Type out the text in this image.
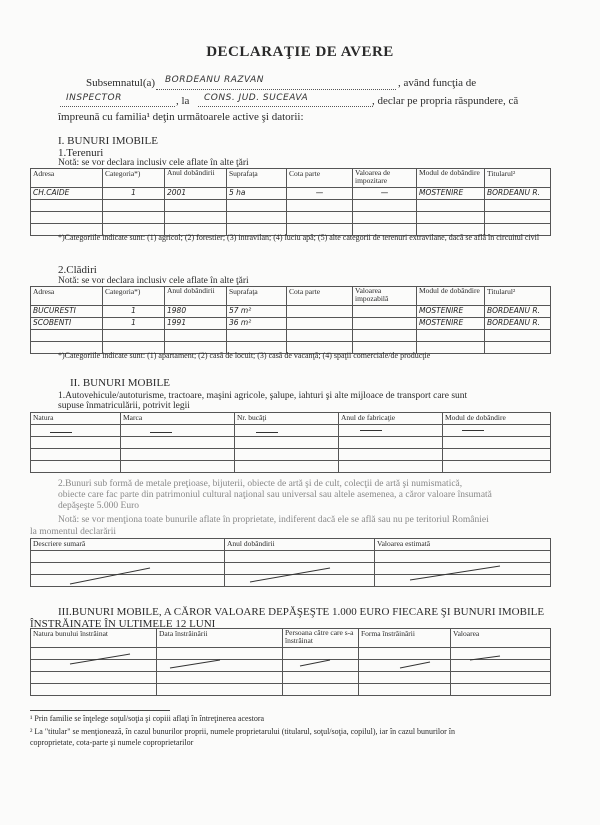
DECLARAŢIE DE AVERE
Subsemnatul(a) BORDEANU RAZVAN	, având funcţia de
INSPECTOR	, la CONS. JUD. SUCEAVA	, declar pe propria răspundere, că
împreună cu familia¹ deţin următoarele active şi datorii:
I. BUNURI IMOBILE
1.Terenuri
Notă: se vor declara inclusiv cele aflate în alte ţări
Adresa	Categoria*)	Anul dobândirii	Suprafaţa	Cota parte	Valoarea de impozitare	Modul de dobândire	Titularul²
CH.CAIDE	1	2001	5 ha	—	—	MOSTENIRE	BORDEANU R.

*)Categoriile indicate sunt: (1) agricol; (2) forestier; (3) intravilan; (4) luciu apă; (5) alte categorii de terenuri extravilane, dacă se află în circuitul civil
2.Clădiri
Notă: se vor declara inclusiv cele aflate în alte ţări
Adresa	Categoria*)	Anul dobândirii	Suprafaţa	Cota parte	Valoarea impozabilă	Modul de dobândire	Titularul²
BUCURESTI	1	1980	57 m²			MOSTENIRE	BORDEANU R.
SCOBENTI	1	1991	36 m²			MOSTENIRE	BORDEANU R.

*)Categoriile indicate sunt: (1) apartament; (2) casă de locuit; (3) casă de vacanţă; (4) spaţii comerciale/de producţie
II. BUNURI MOBILE
1.Autovehicule/autoturisme, tractoare, maşini agricole, şalupe, iahturi şi alte mijloace de transport care sunt
supuse înmatriculării, potrivit legii
Natura	Marca	Nr. bucăţi	Anul de fabricaţie	Modul de dobândire

2.Bunuri sub formă de metale preţioase, bijuterii, obiecte de artă şi de cult, colecţii de artă şi numismatică,
obiecte care fac parte din patrimoniul cultural naţional sau universal sau altele asemenea, a căror valoare însumată
depăşeşte 5.000 Euro
Notă: se vor menţiona toate bunurile aflate în proprietate, indiferent dacă ele se află sau nu pe teritoriul României
la momentul declarării
Descriere sumară	Anul dobândirii	Valoarea estimată

III.BUNURI MOBILE, A CĂROR VALOARE DEPĂŞEŞTE 1.000 EURO FIECARE ŞI BUNURI IMOBILE
ÎNSTRĂINATE ÎN ULTIMELE 12 LUNI
Natura bunului înstrăinat	Data înstrăinării	Persoana către care s-a înstrăinat	Forma înstrăinării	Valoarea

¹ Prin familie se înţelege soţul/soţia şi copiii aflaţi în întreţinerea acestora
² La "titular" se menţionează, în cazul bunurilor proprii, numele proprietarului (titularul, soţul/soţia, copilul), iar în cazul bunurilor în
coproprietate, cota-parte şi numele coproprietarilor
